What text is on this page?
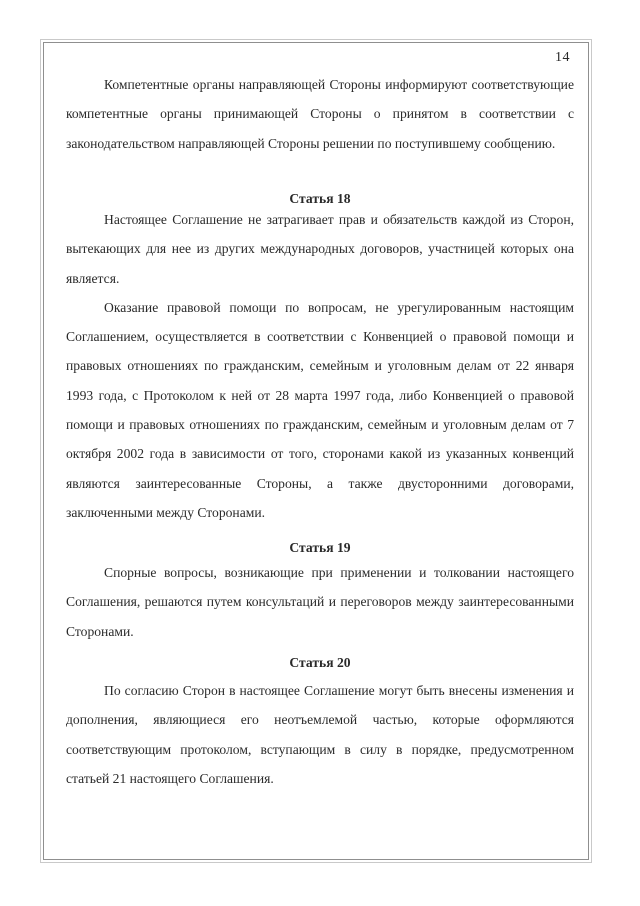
14

Компетентные органы направляющей Стороны информируют соответствующие компетентные органы принимающей Стороны о принятом в соответствии с законодательством направляющей Стороны решении по поступившему сообщению.

Статья 18

Настоящее Соглашение не затрагивает прав и обязательств каждой из Сторон, вытекающих для нее из других международных договоров, участницей которых она является.

Оказание правовой помощи по вопросам, не урегулированным настоящим Соглашением, осуществляется в соответствии с Конвенцией о правовой помощи и правовых отношениях по гражданским, семейным и уголовным делам от 22 января 1993 года, с Протоколом к ней от 28 марта 1997 года, либо Конвенцией о правовой помощи и правовых отношениях по гражданским, семейным и уголовным делам от 7 октября 2002 года в зависимости от того, сторонами какой из указанных конвенций являются заинтересованные Стороны, а также двусторонними договорами, заключенными между Сторонами.

Статья 19

Спорные вопросы, возникающие при применении и толковании настоящего Соглашения, решаются путем консультаций и переговоров между заинтересованными Сторонами.

Статья 20

По согласию Сторон в настоящее Соглашение могут быть внесены изменения и дополнения, являющиеся его неотъемлемой частью, которые оформляются соответствующим протоколом, вступающим в силу в порядке, предусмотренном статьей 21 настоящего Соглашения.
